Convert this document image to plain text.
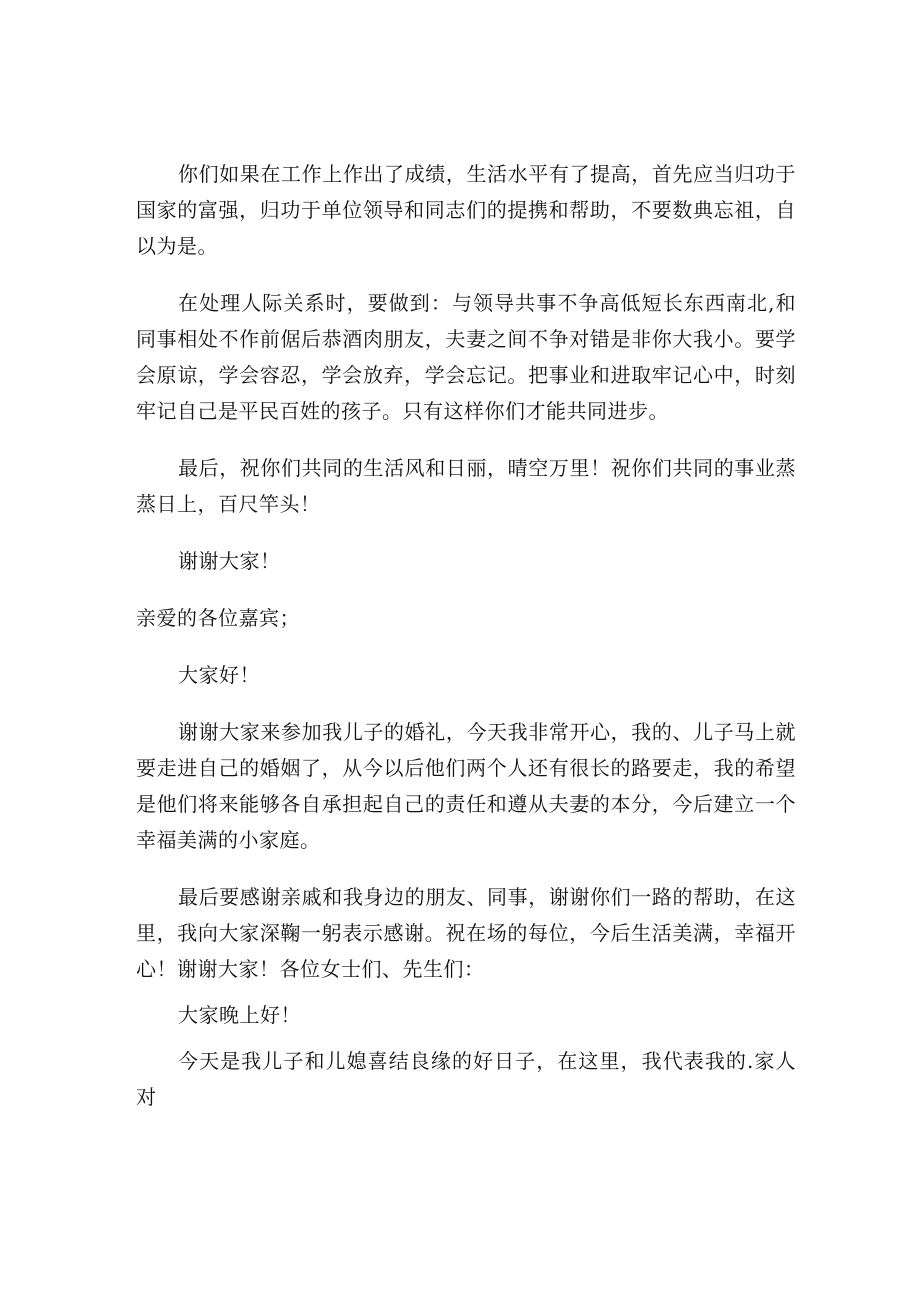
你们如果在工作上作出了成绩，生活水平有了提高，首先应当归功于国家的富强，归功于单位领导和同志们的提携和帮助，不要数典忘祖，自以为是。

在处理人际关系时，要做到：与领导共事不争高低短长东西南北,和同事相处不作前倨后恭酒肉朋友，夫妻之间不争对错是非你大我小。要学会原谅，学会容忍，学会放弃，学会忘记。把事业和进取牢记心中，时刻牢记自己是平民百姓的孩子。只有这样你们才能共同进步。

最后，祝你们共同的生活风和日丽，晴空万里！祝你们共同的事业蒸蒸日上，百尺竿头！

谢谢大家！

亲爱的各位嘉宾；

大家好！

谢谢大家来参加我儿子的婚礼，今天我非常开心，我的、儿子马上就要走进自己的婚姻了，从今以后他们两个人还有很长的路要走，我的希望是他们将来能够各自承担起自己的责任和遵从夫妻的本分，今后建立一个幸福美满的小家庭。

最后要感谢亲戚和我身边的朋友、同事，谢谢你们一路的帮助，在这里，我向大家深鞠一躬表示感谢。祝在场的每位，今后生活美满，幸福开心！谢谢大家！各位女士们、先生们：

大家晚上好！

今天是我儿子和儿媳喜结良缘的好日子，在这里，我代表我的.家人对
